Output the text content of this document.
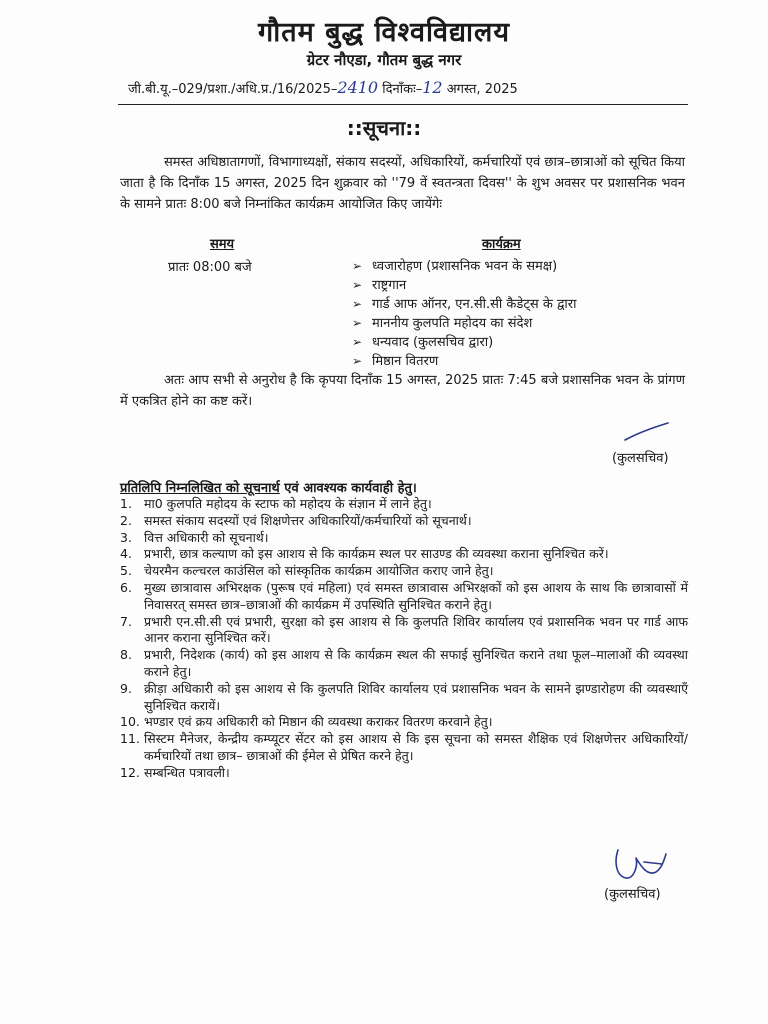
गौतम बुद्ध विश्वविद्यालय
ग्रेटर नौएडा, गौतम बुद्ध नगर
जी.बी.यू.–029/प्रशा./अधि.प्र./16/2025–2410 दिनाँकः–12 अगस्त, 2025
::सूचना::
समस्त अधिष्ठातागणों, विभागाध्यक्षों, संकाय सदस्यों, अधिकारियों, कर्मचारियों एवं छात्र–छात्राओं को सूचित किया जाता है कि दिनाँक 15 अगस्त, 2025 दिन शुक्रवार को ''79 वें स्वतन्त्रता दिवस'' के शुभ अवसर पर प्रशासनिक भवन के सामने प्रातः 8:00 बजे निम्नांकित कार्यक्रम आयोजित किए जायेंगेः
समय	कार्यक्रम
प्रातः 08:00 बजे	➢ ध्वजारोहण (प्रशासनिक भवन के समक्ष)
➢ राष्ट्रगान
➢ गार्ड आफ ऑनर, एन.सी.सी कैडेट्स के द्वारा
➢ माननीय कुलपति महोदय का संदेश
➢ धन्यवाद (कुलसचिव द्वारा)
➢ मिष्ठान वितरण
अतः आप सभी से अनुरोध है कि कृपया दिनाँक 15 अगस्त, 2025 प्रातः 7:45 बजे प्रशासनिक भवन के प्रांगण में एकत्रित होने का कष्ट करें।
(कुलसचिव)
प्रतिलिपि निम्नलिखित को सूचनार्थ एवं आवश्यक कार्यवाही हेतु।
1. मा0 कुलपति महोदय के स्टाफ को महोदय के संज्ञान में लाने हेतु।
2. समस्त संकाय सदस्यों एवं शिक्षणेत्तर अधिकारियों/कर्मचारियों को सूचनार्थ।
3. वित्त अधिकारी को सूचनार्थ।
4. प्रभारी, छात्र कल्याण को इस आशय से कि कार्यक्रम स्थल पर साउण्ड की व्यवस्था कराना सुनिश्चित करें।
5. चेयरमैन कल्चरल काउंसिल को सांस्कृतिक कार्यक्रम आयोजित कराए जाने हेतु।
6. मुख्य छात्रावास अभिरक्षक (पुरूष एवं महिला) एवं समस्त छात्रावास अभिरक्षकों को इस आशय के साथ कि छात्रावासों में निवासरत् समस्त छात्र–छात्राओं की कार्यक्रम में उपस्थिति सुनिश्चित कराने हेतु।
7. प्रभारी एन.सी.सी एवं प्रभारी, सुरक्षा को इस आशय से कि कुलपति शिविर कार्यालय एवं प्रशासनिक भवन पर गार्ड आफ आनर कराना सुनिश्चित करें।
8. प्रभारी, निदेशक (कार्य) को इस आशय से कि कार्यक्रम स्थल की सफाई सुनिश्चित कराने तथा फूल–मालाओं की व्यवस्था कराने हेतु।
9. क्रीड़ा अधिकारी को इस आशय से कि कुलपति शिविर कार्यालय एवं प्रशासनिक भवन के सामने झण्डारोहण की व्यवस्थाएँ सुनिश्चित करायें।
10. भण्डार एवं क्रय अधिकारी को मिष्ठान की व्यवस्था कराकर वितरण करवाने हेतु।
11. सिस्टम मैनेजर, केन्द्रीय कम्प्यूटर सेंटर को इस आशय से कि इस सूचना को समस्त शैक्षिक एवं शिक्षणेत्तर अधिकारियों/कर्मचारियों तथा छात्र– छात्राओं की ईमेल से प्रेषित करने हेतु।
12. सम्बन्धित पत्रावली।
(कुलसचिव)
